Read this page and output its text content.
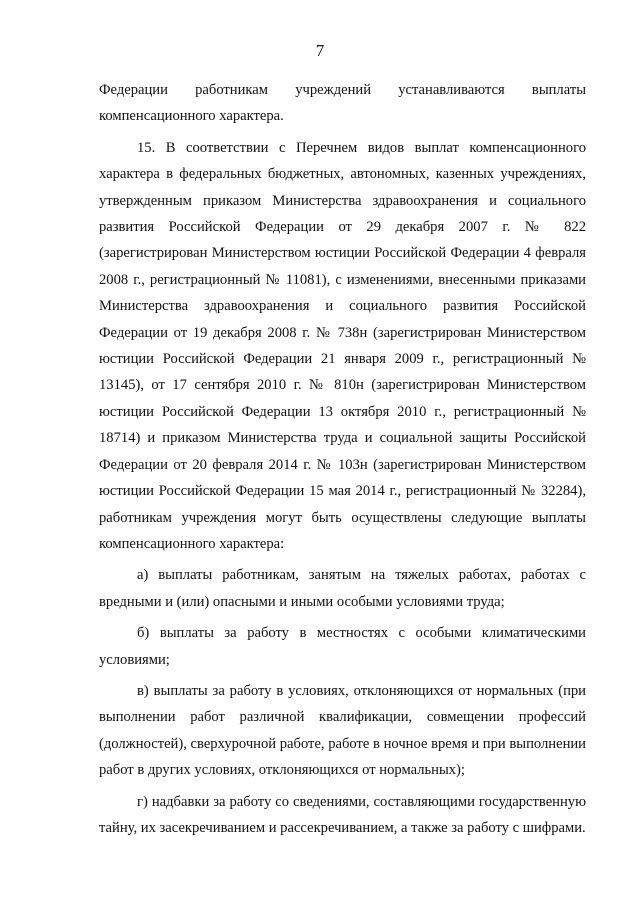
7

Федерации работникам учреждений устанавливаются выплаты компенсационного характера.

15. В соответствии с Перечнем видов выплат компенсационного характера в федеральных бюджетных, автономных, казенных учреждениях, утвержденным приказом Министерства здравоохранения и социального развития Российской Федерации от 29 декабря 2007 г. № 822 (зарегистрирован Министерством юстиции Российской Федерации 4 февраля 2008 г., регистрационный № 11081), с изменениями, внесенными приказами Министерства здравоохранения и социального развития Российской Федерации от 19 декабря 2008 г. № 738н (зарегистрирован Министерством юстиции Российской Федерации 21 января 2009 г., регистрационный № 13145), от 17 сентября 2010 г. № 810н (зарегистрирован Министерством юстиции Российской Федерации 13 октября 2010 г., регистрационный № 18714) и приказом Министерства труда и социальной защиты Российской Федерации от 20 февраля 2014 г. № 103н (зарегистрирован Министерством юстиции Российской Федерации 15 мая 2014 г., регистрационный № 32284), работникам учреждения могут быть осуществлены следующие выплаты компенсационного характера:

а) выплаты работникам, занятым на тяжелых работах, работах с вредными и (или) опасными и иными особыми условиями труда;

б) выплаты за работу в местностях с особыми климатическими условиями;

в) выплаты за работу в условиях, отклоняющихся от нормальных (при выполнении работ различной квалификации, совмещении профессий (должностей), сверхурочной работе, работе в ночное время и при выполнении работ в других условиях, отклоняющихся от нормальных);

г) надбавки за работу со сведениями, составляющими государственную тайну, их засекречиванием и рассекречиванием, а также за работу с шифрами.
